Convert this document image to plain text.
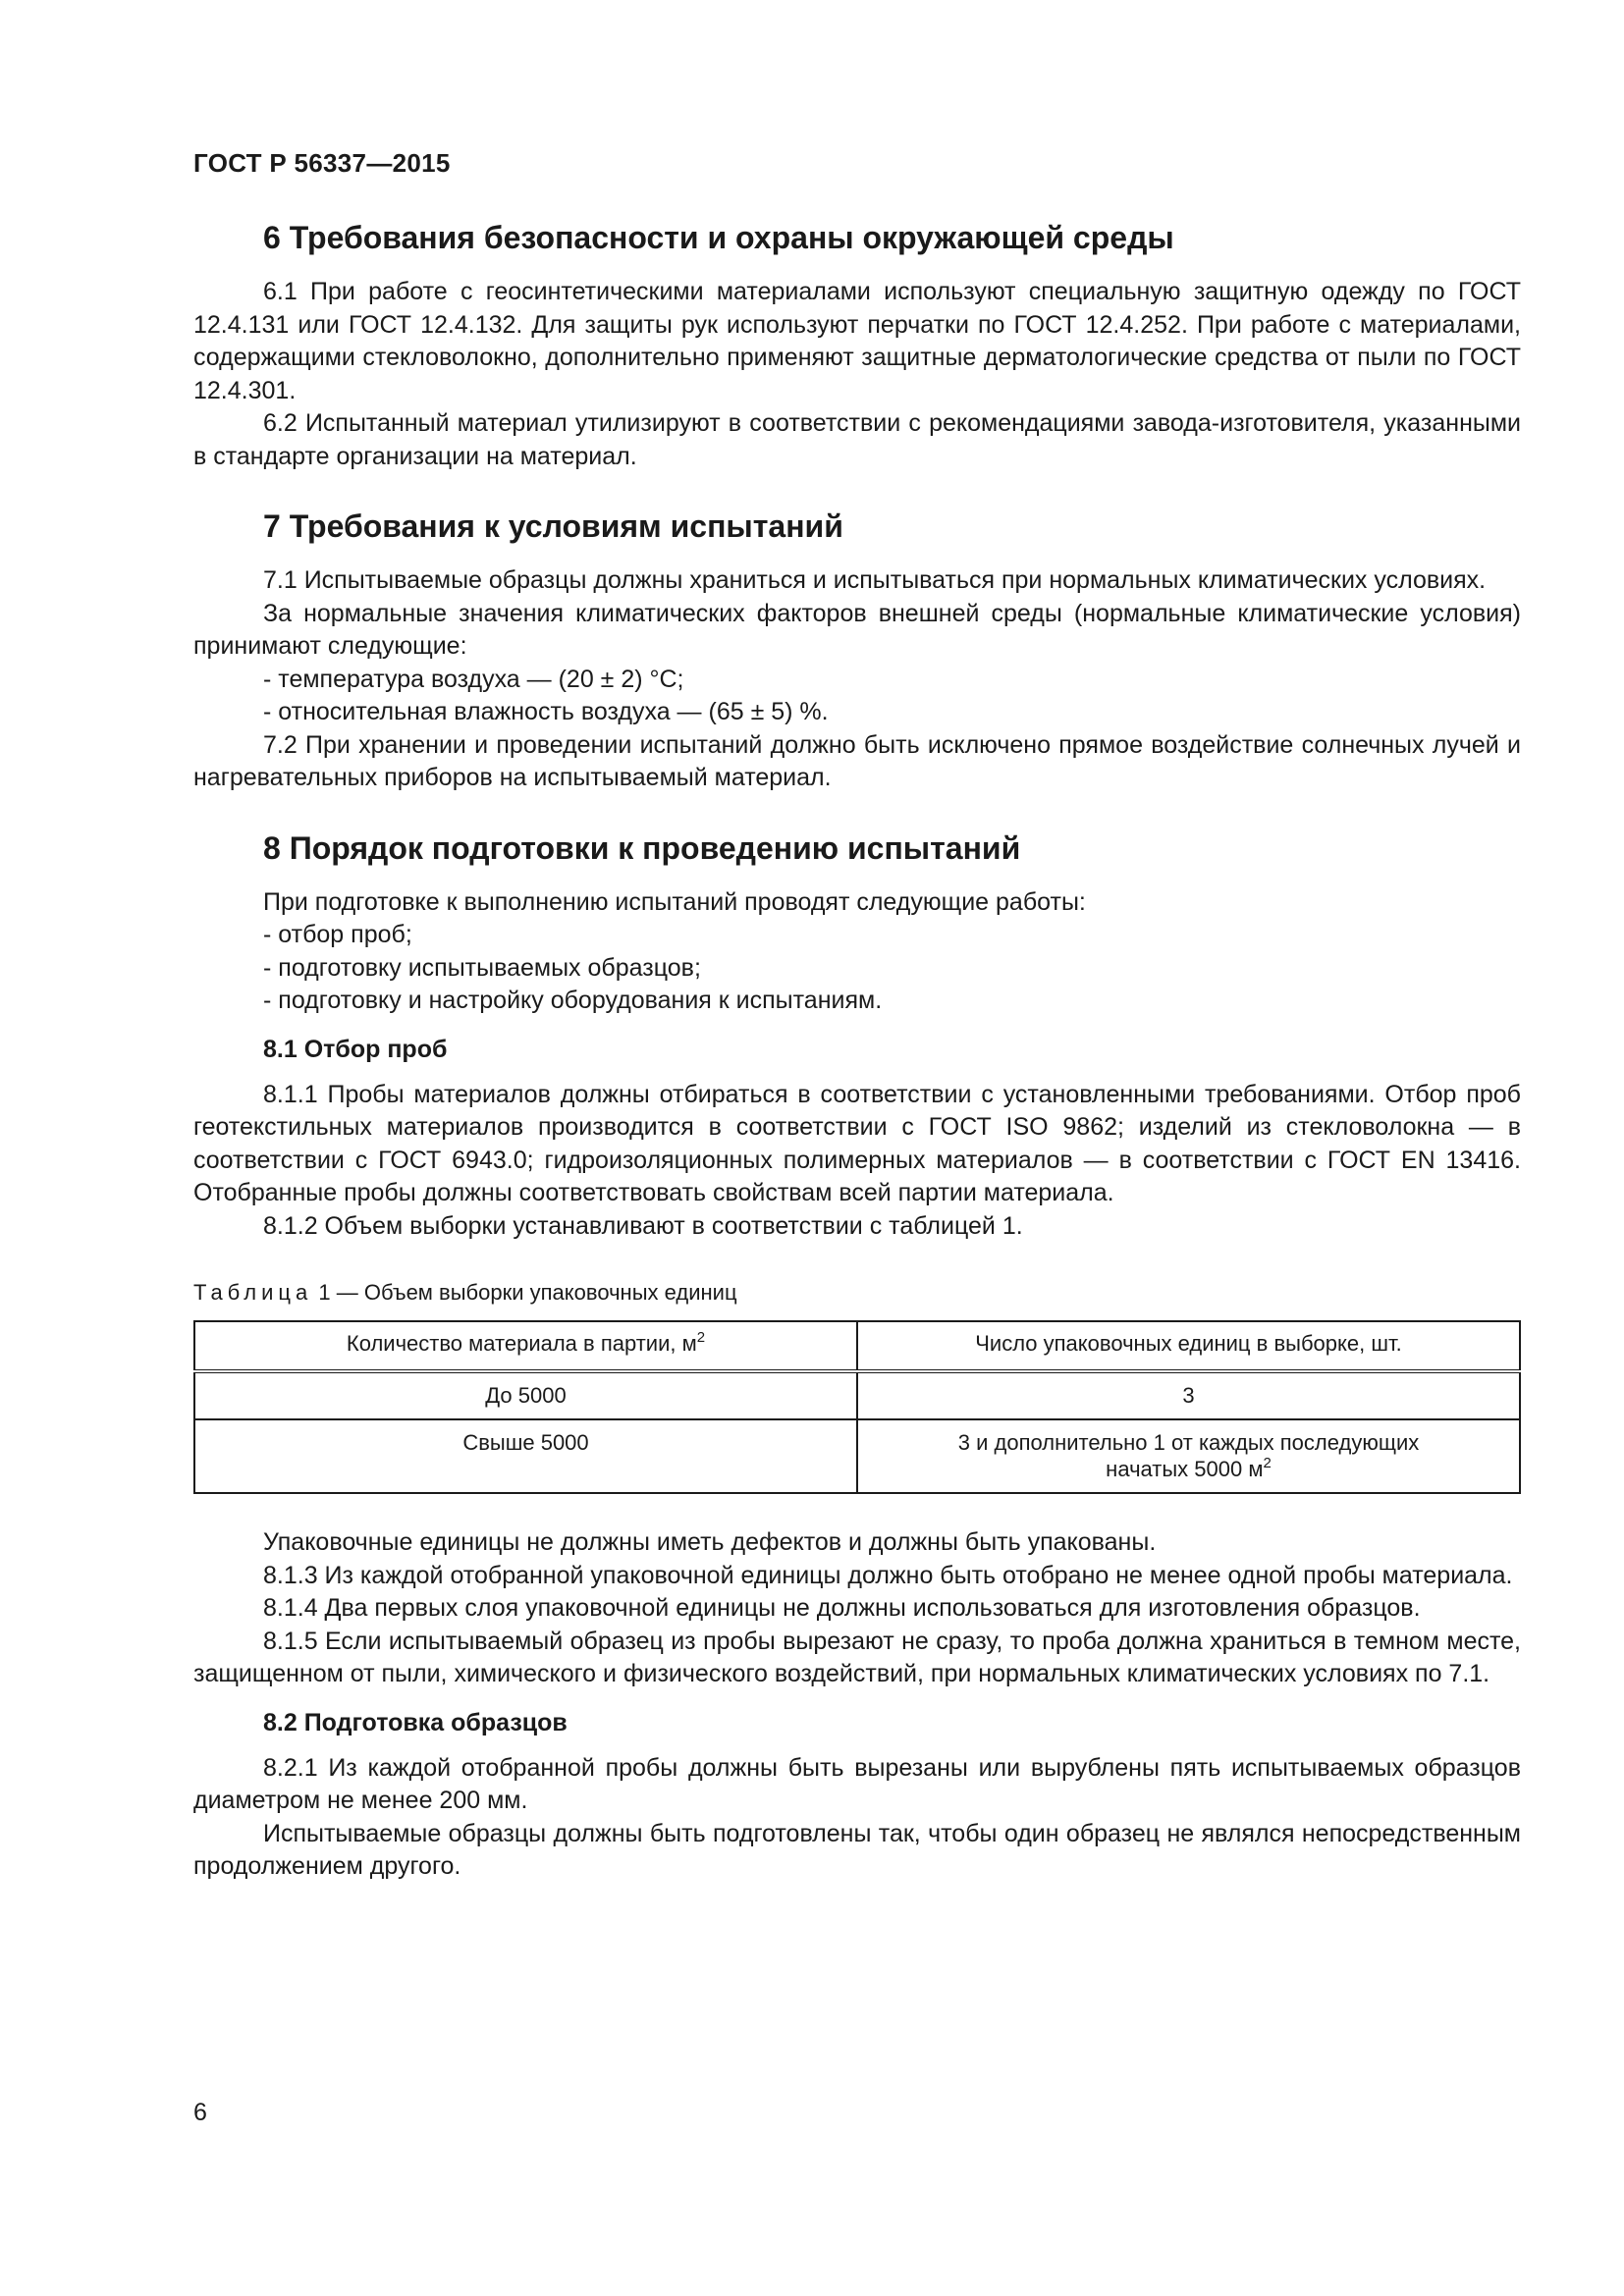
ГОСТ Р 56337—2015
6 Требования безопасности и охраны окружающей среды

6.1 При работе с геосинтетическими материалами используют специальную защитную одежду по ГОСТ 12.4.131 или ГОСТ 12.4.132. Для защиты рук используют перчатки по ГОСТ 12.4.252. При работе с материалами, содержащими стекловолокно, дополнительно применяют защитные дерматологические средства от пыли по ГОСТ 12.4.301.

6.2 Испытанный материал утилизируют в соответствии с рекомендациями завода-изготовителя, указанными в стандарте организации на материал.

7 Требования к условиям испытаний

7.1 Испытываемые образцы должны храниться и испытываться при нормальных климатических условиях.

За нормальные значения климатических факторов внешней среды (нормальные климатические условия) принимают следующие:

- температура воздуха — (20 ± 2) °С;
- относительная влажность воздуха — (65 ± 5) %.

7.2 При хранении и проведении испытаний должно быть исключено прямое воздействие солнечных лучей и нагревательных приборов на испытываемый материал.

8 Порядок подготовки к проведению испытаний

При подготовке к выполнению испытаний проводят следующие работы:

- отбор проб;
- подготовку испытываемых образцов;
- подготовку и настройку оборудования к испытаниям.
8.1 Отбор проб

8.1.1 Пробы материалов должны отбираться в соответствии с установленными требованиями. Отбор проб геотекстильных материалов производится в соответствии с ГОСТ ISO 9862; изделий из стекловолокна — в соответствии с ГОСТ 6943.0; гидроизоляционных полимерных материалов — в соответствии с ГОСТ EN 13416. Отобранные пробы должны соответствовать свойствам всей партии материала.

8.1.2 Объем выборки устанавливают в соответствии с таблицей 1.

Таблица 1 — Объем выборки упаковочных единиц
Количество материала в партии, $м^2$	Число упаковочных единиц в выборке, шт.
До 5000	3
Свыше 5000	3 и дополнительно 1 от каждых последующих
начатых 5000 $м^2$

Упаковочные единицы не должны иметь дефектов и должны быть упакованы.

8.1.3 Из каждой отобранной упаковочной единицы должно быть отобрано не менее одной пробы материала.

8.1.4 Два первых слоя упаковочной единицы не должны использоваться для изготовления образцов.

8.1.5 Если испытываемый образец из пробы вырезают не сразу, то проба должна храниться в темном месте, защищенном от пыли, химического и физического воздействий, при нормальных климатических условиях по 7.1.

8.2 Подготовка образцов

8.2.1 Из каждой отобранной пробы должны быть вырезаны или вырублены пять испытываемых образцов диаметром не менее 200 мм.

Испытываемые образцы должны быть подготовлены так, чтобы один образец не являлся непосредственным продолжением другого.

6
